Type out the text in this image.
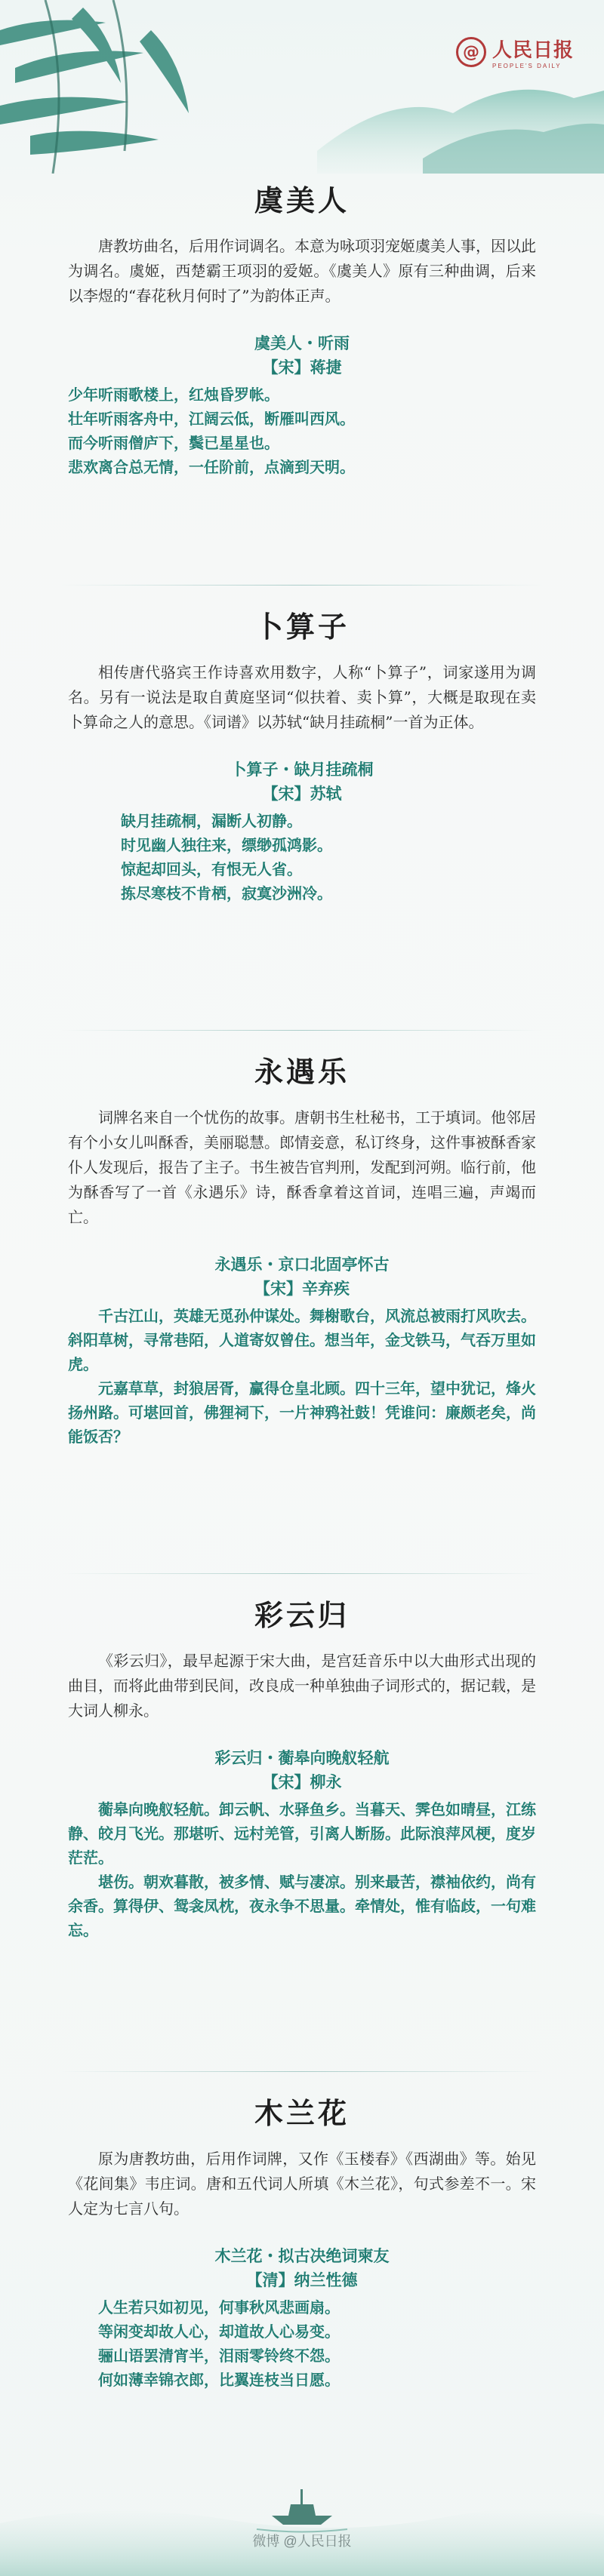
@ 人民日报
PEOPLE'S DAILY
虞美人

唐教坊曲名，后用作词调名。本意为咏项羽宠姬虞美人事，因以此为调名。虞姬，西楚霸王项羽的爱姬。《虞美人》原有三种曲调，后来以李煜的“春花秋月何时了”为韵体正声。

虞美人・听雨
【宋】蒋捷

少年听雨歌楼上，红烛昏罗帐。

壮年听雨客舟中，江阔云低，断雁叫西风。

而今听雨僧庐下，鬓已星星也。

悲欢离合总无情，一任阶前，点滴到天明。

卜算子

相传唐代骆宾王作诗喜欢用数字，人称“卜算子”，词家遂用为调名。另有一说法是取自黄庭坚词“似扶着、卖卜算”，大概是取现在卖卜算命之人的意思。《词谱》以苏轼“缺月挂疏桐”一首为正体。

卜算子・缺月挂疏桐
【宋】苏轼

缺月挂疏桐，漏断人初静。

时见幽人独往来，缥缈孤鸿影。

惊起却回头，有恨无人省。

拣尽寒枝不肯栖，寂寞沙洲冷。

永遇乐

词牌名来自一个忧伤的故事。唐朝书生杜秘书，工于填词。他邻居有个小女儿叫酥香，美丽聪慧。郎情妾意，私订终身，这件事被酥香家仆人发现后，报告了主子。书生被告官判刑，发配到河朔。临行前，他为酥香写了一首《永遇乐》诗，酥香拿着这首词，连唱三遍，声竭而亡。

永遇乐・京口北固亭怀古
【宋】辛弃疾

千古江山，英雄无觅孙仲谋处。舞榭歌台，风流总被雨打风吹去。斜阳草树，寻常巷陌，人道寄奴曾住。想当年，金戈铁马，气吞万里如虎。

元嘉草草，封狼居胥，赢得仓皇北顾。四十三年，望中犹记，烽火扬州路。可堪回首，佛狸祠下，一片神鸦社鼓！凭谁问：廉颇老矣，尚能饭否？

彩云归

《彩云归》，最早起源于宋大曲，是宫廷音乐中以大曲形式出现的曲目，而将此曲带到民间，改良成一种单独曲子词形式的，据记载，是大词人柳永。

彩云归・蘅皋向晚舣轻航
【宋】柳永

蘅皋向晚舣轻航。卸云帆、水驿鱼乡。当暮天、霁色如晴昼，江练静、皎月飞光。那堪听、远村羌管，引离人断肠。此际浪萍风梗，度岁茫茫。

堪伤。朝欢暮散，被多情、赋与凄凉。别来最苦，襟袖依约，尚有余香。算得伊、鸳衾凤枕，夜永争不思量。牵情处，惟有临歧，一句难忘。

木兰花

原为唐教坊曲，后用作词牌，又作《玉楼春》《西湖曲》等。始见《花间集》韦庄词。唐和五代词人所填《木兰花》，句式参差不一。宋人定为七言八句。

木兰花・拟古决绝词柬友
【清】纳兰性德

人生若只如初见，何事秋风悲画扇。

等闲变却故人心，却道故人心易变。

骊山语罢清宵半，泪雨零铃终不怨。

何如薄幸锦衣郎，比翼连枝当日愿。

微博 @人民日报
